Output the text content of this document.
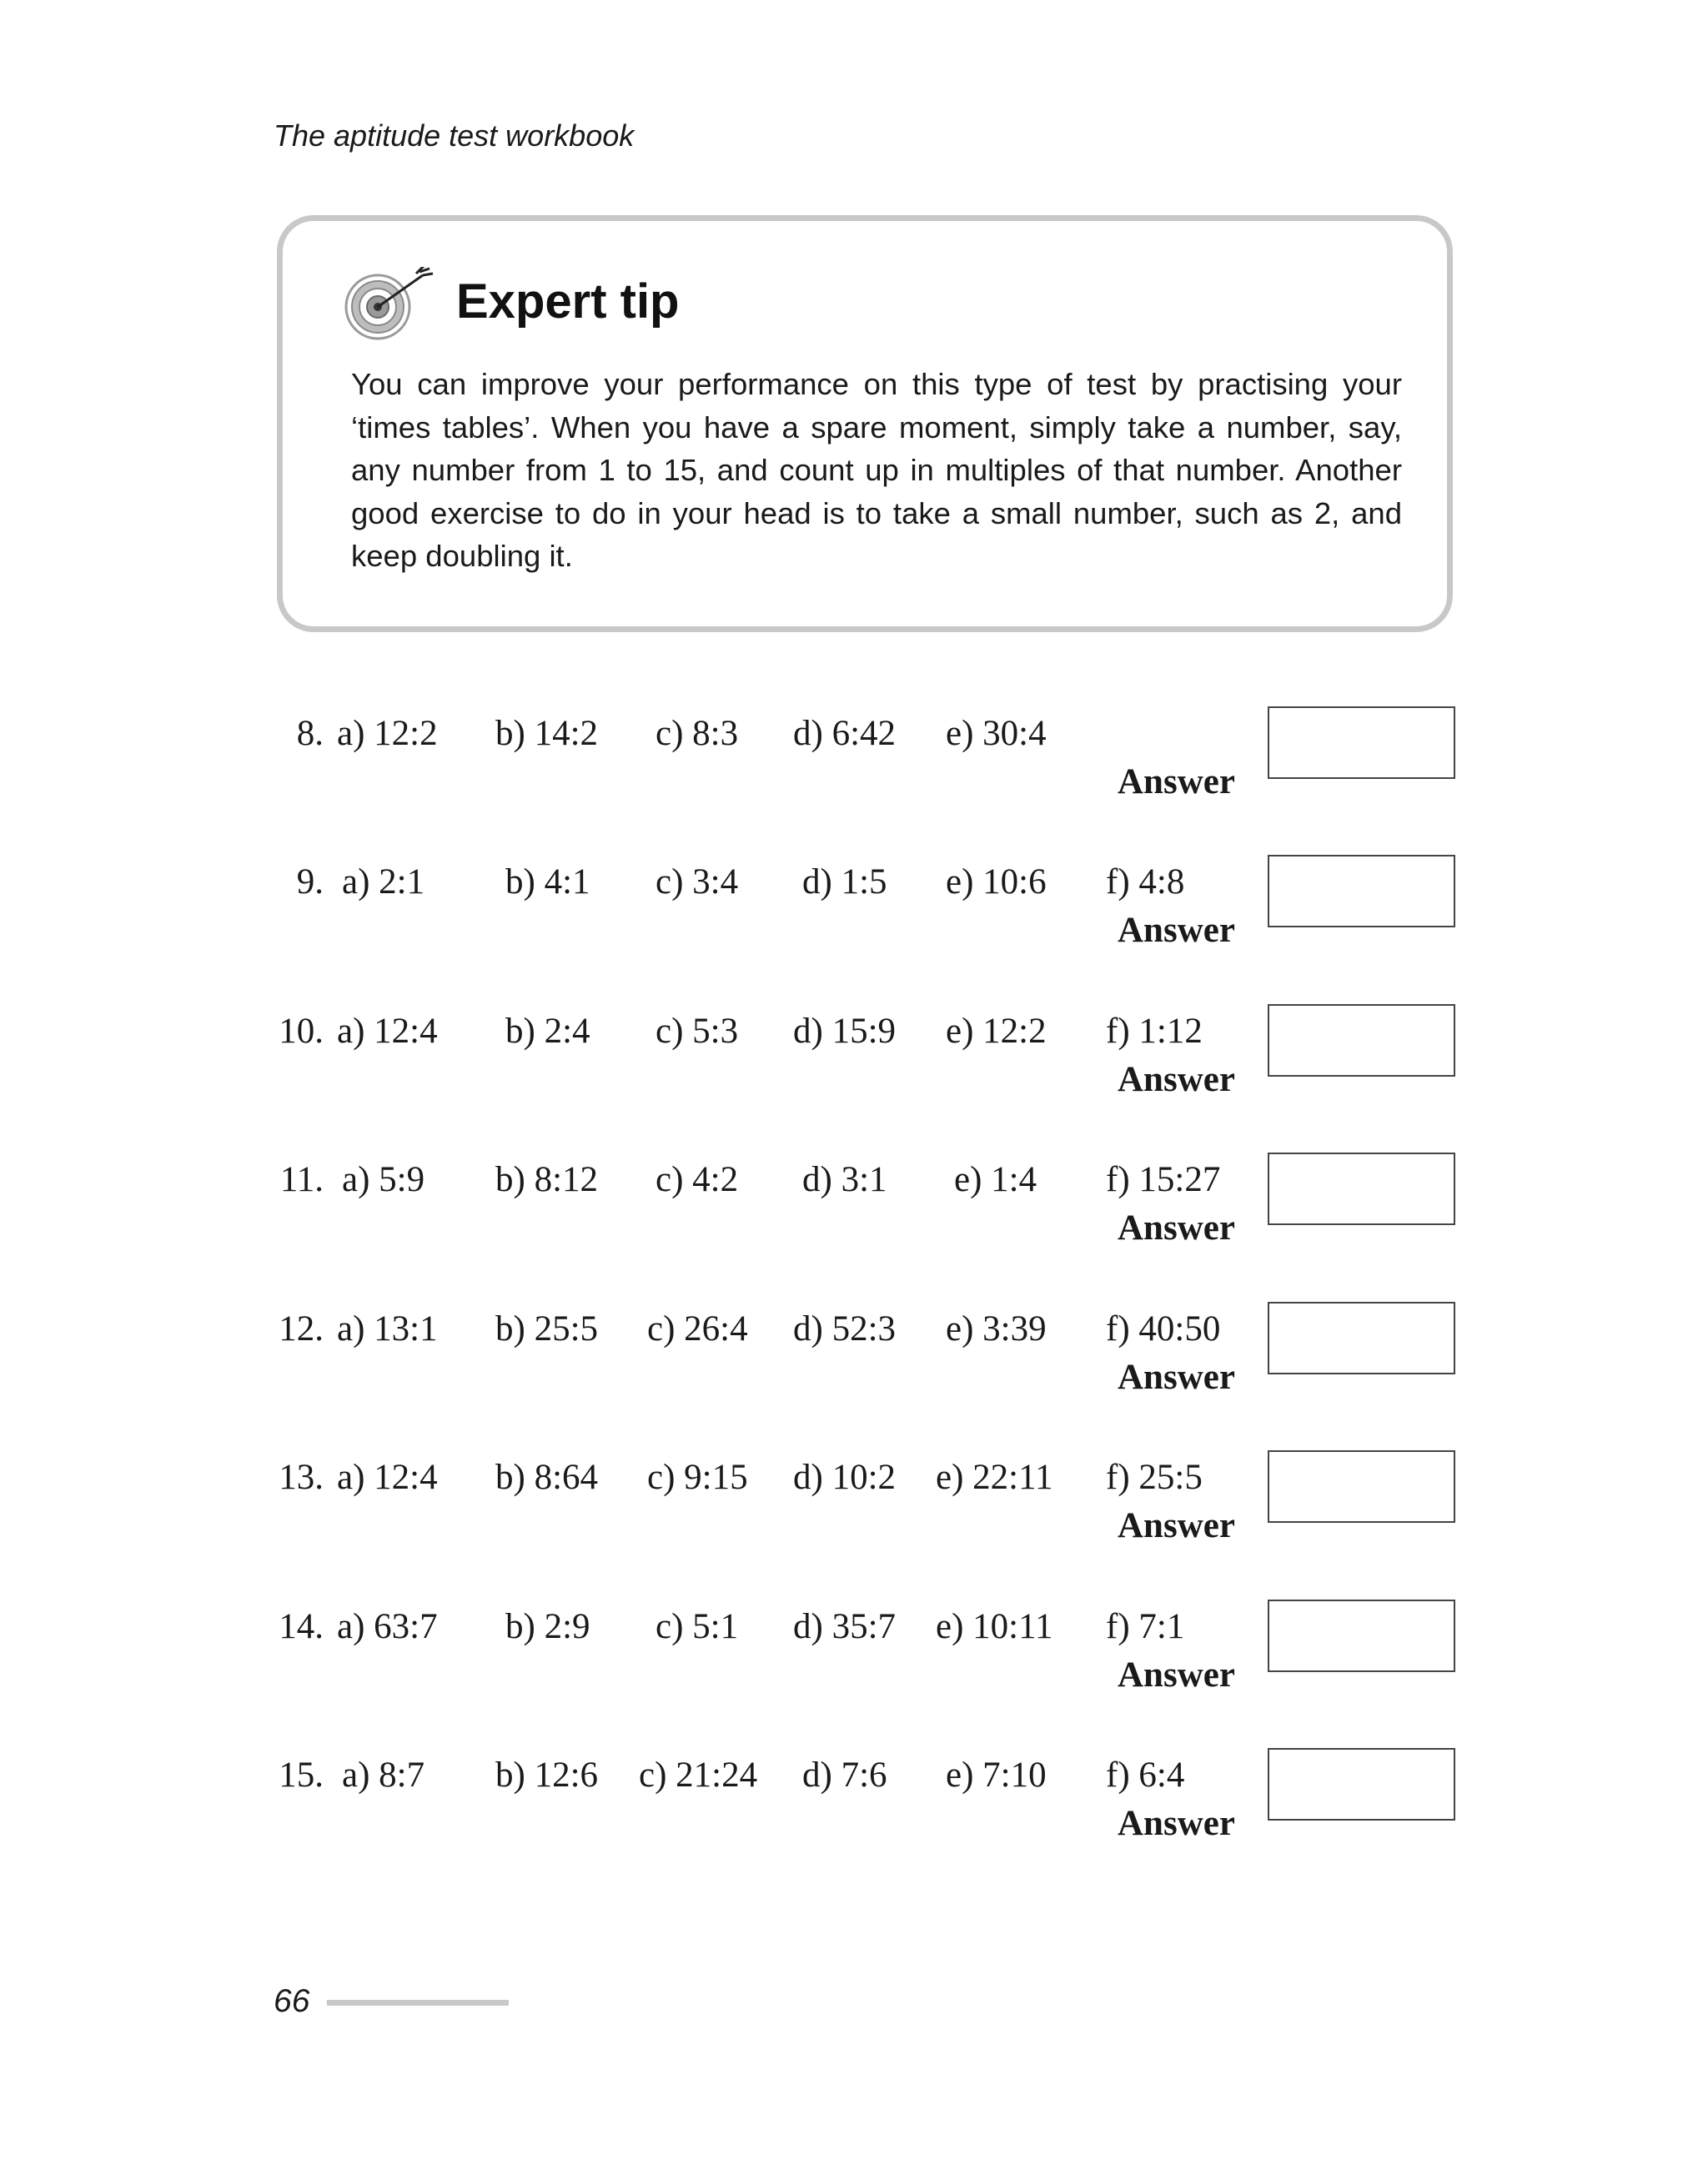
The aptitude test workbook
Expert tip
You can improve your performance on this type of test by practising your
‘times tables’. When you have a spare moment, simply take a number, say,
any number from 1 to 15, and count up in multiples of that number. Another
good exercise to do in your head is to take a small number, such as 2, and
keep doubling it.
8. a) 12:2 b) 14:2 c) 8:3 d) 6:42 e) 30:4
Answer
9. a) 2:1 b) 4:1 c) 3:4 d) 1:5 e) 10:6 f) 4:8
Answer
10. a) 12:4 b) 2:4 c) 5:3 d) 15:9 e) 12:2 f) 1:12
Answer
11. a) 5:9 b) 8:12 c) 4:2 d) 3:1 e) 1:4 f) 15:27
Answer
12. a) 13:1 b) 25:5 c) 26:4 d) 52:3 e) 3:39 f) 40:50
Answer
13. a) 12:4 b) 8:64 c) 9:15 d) 10:2 e) 22:11 f) 25:5
Answer
14. a) 63:7 b) 2:9 c) 5:1 d) 35:7 e) 10:11 f) 7:1
Answer
15. a) 8:7 b) 12:6 c) 21:24 d) 7:6 e) 7:10 f) 6:4
Answer
66
